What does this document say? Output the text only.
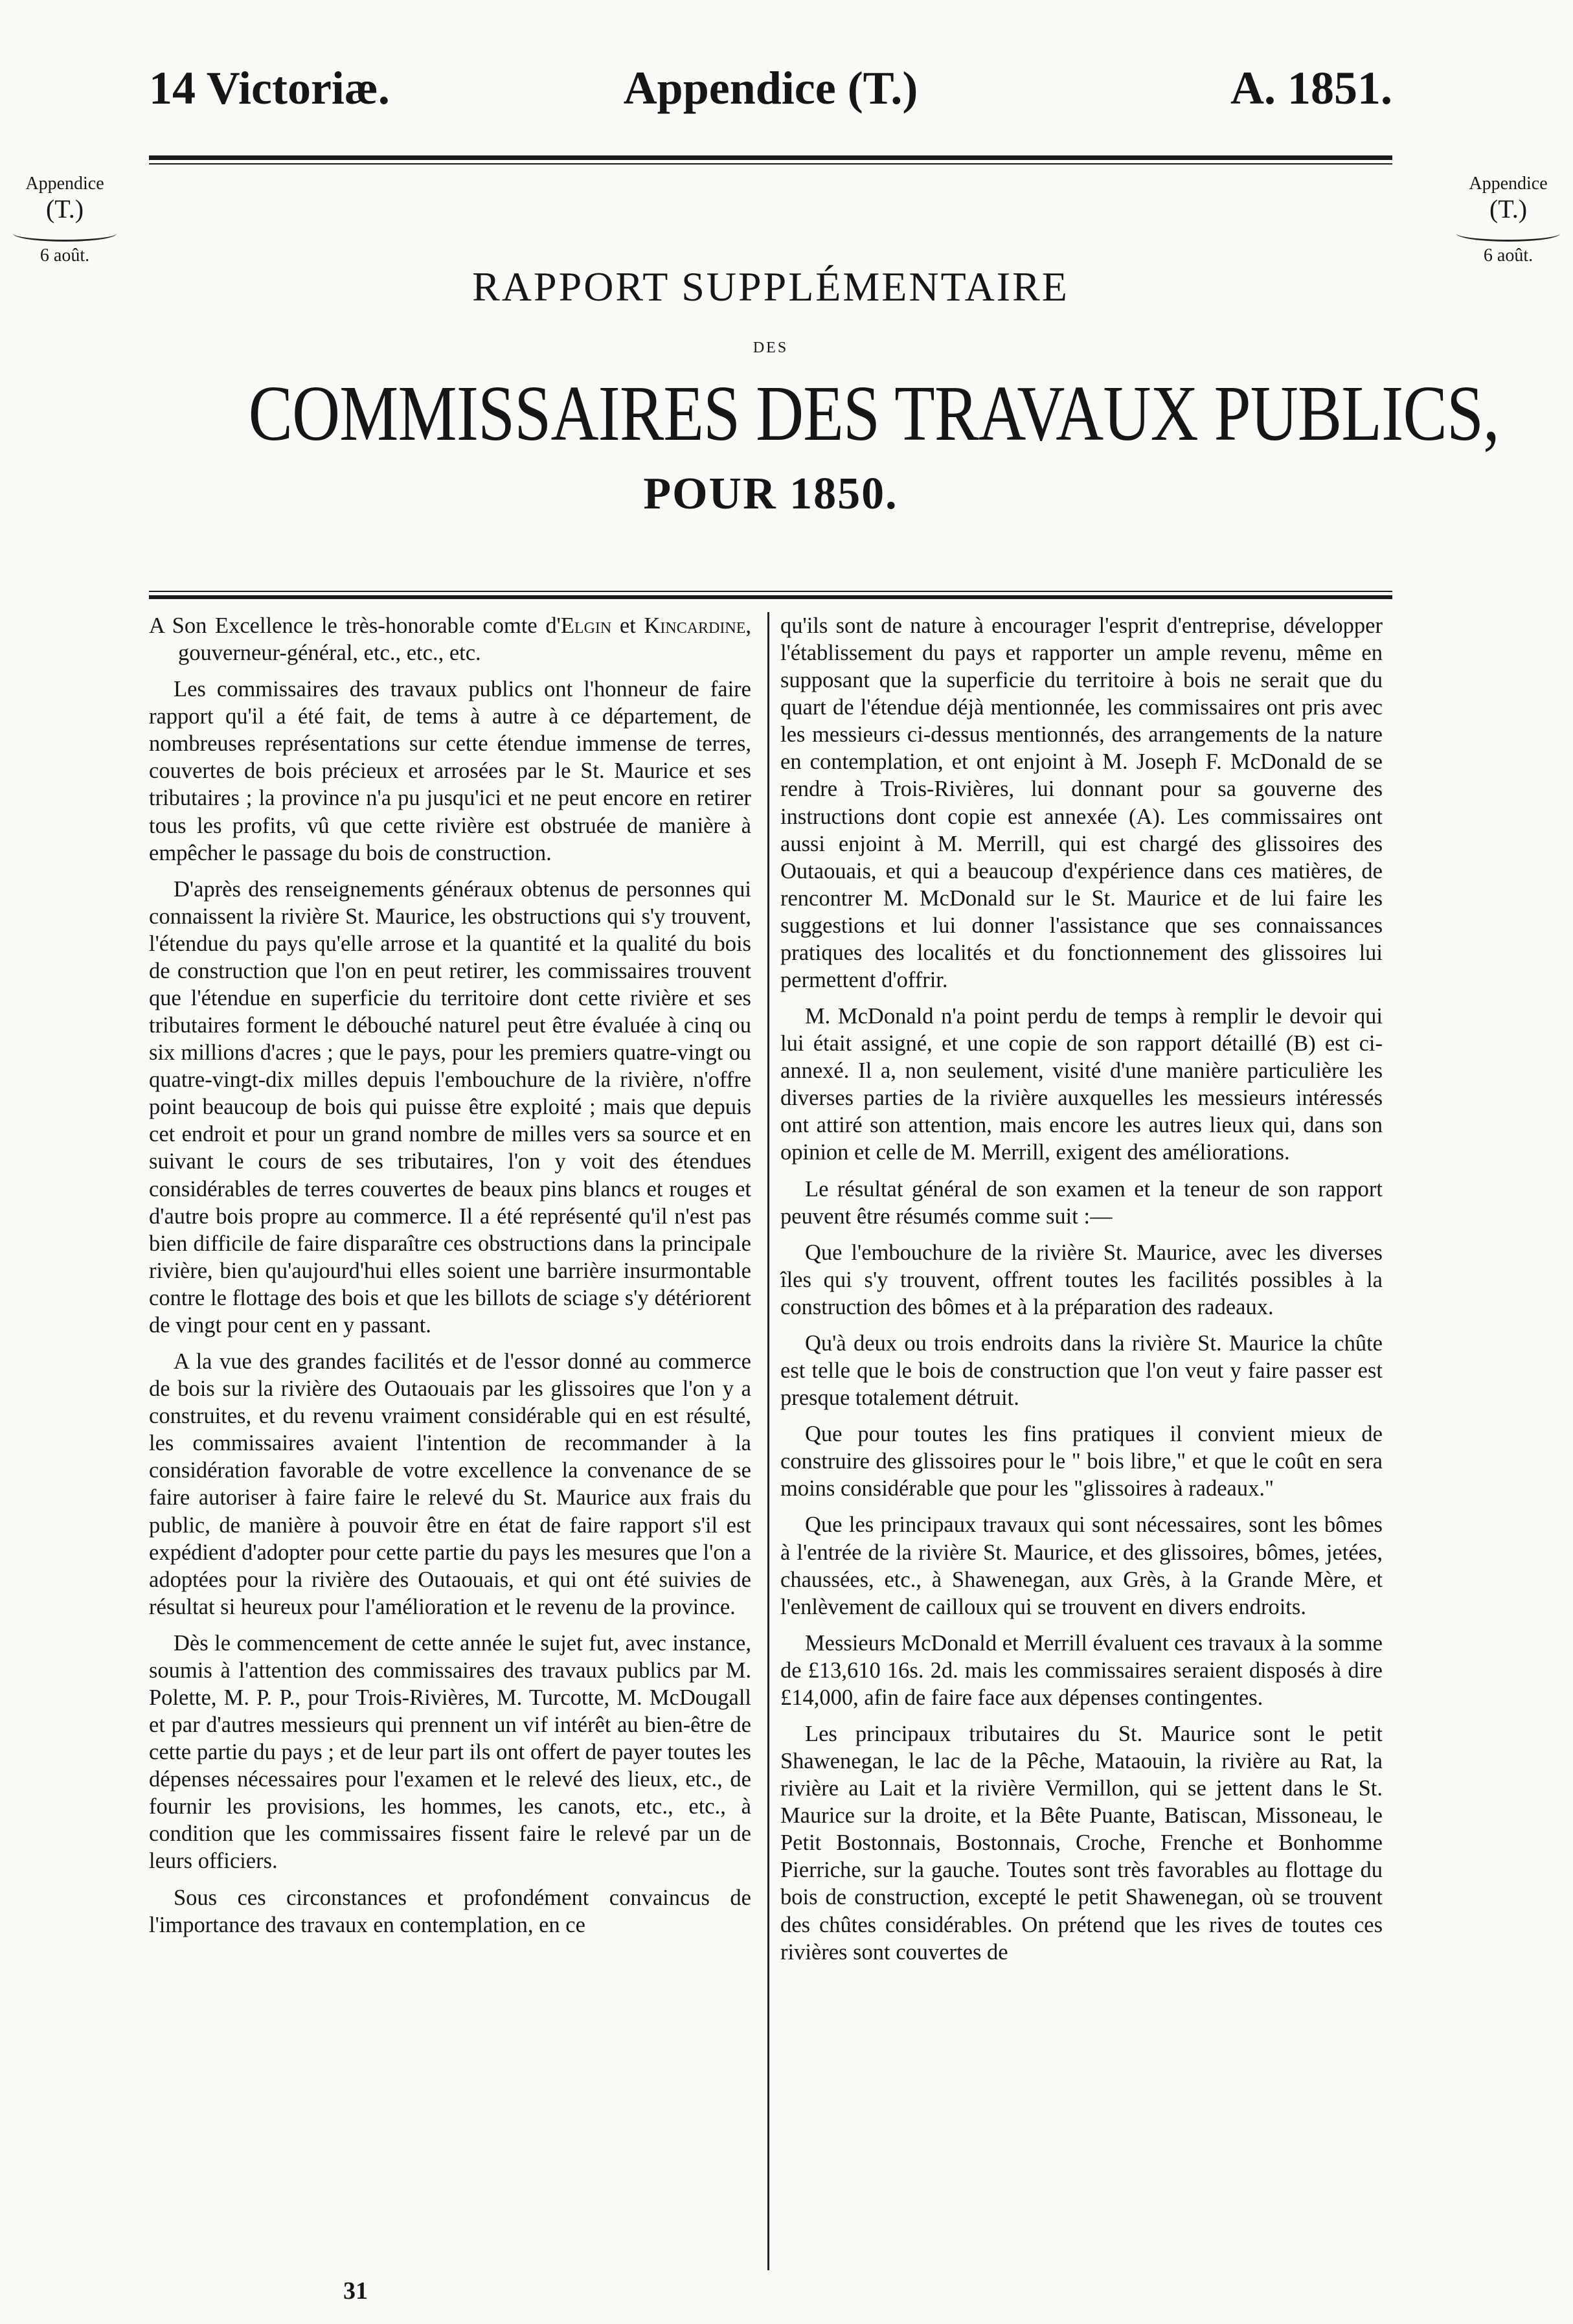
14 Victoriæ.	Appendice (T.)	A. 1851.
Appendice
(T.)
6 août.
Appendice
(T.)
6 août.
RAPPORT SUPPLÉMENTAIRE
DES
COMMISSAIRES DES TRAVAUX PUBLICS,
POUR 1850.

A Son Excellence le très-honorable comte d'Elgin et Kincardine, gouverneur-général, etc., etc., etc.

Les commissaires des travaux publics ont l'honneur de faire rapport qu'il a été fait, de tems à autre à ce département, de nombreuses représentations sur cette étendue immense de terres, couvertes de bois précieux et arrosées par le St. Maurice et ses tributaires ; la province n'a pu jusqu'ici et ne peut encore en retirer tous les profits, vû que cette rivière est obstruée de manière à empêcher le passage du bois de construction.

D'après des renseignements généraux obtenus de personnes qui connaissent la rivière St. Maurice, les obstructions qui s'y trouvent, l'étendue du pays qu'elle arrose et la quantité et la qualité du bois de construction que l'on en peut retirer, les commissaires trouvent que l'étendue en superficie du territoire dont cette rivière et ses tributaires forment le débouché naturel peut être évaluée à cinq ou six millions d'acres ; que le pays, pour les premiers quatre-vingt ou quatre-vingt-dix milles depuis l'embouchure de la rivière, n'offre point beaucoup de bois qui puisse être exploité ; mais que depuis cet endroit et pour un grand nombre de milles vers sa source et en suivant le cours de ses tributaires, l'on y voit des étendues considérables de terres couvertes de beaux pins blancs et rouges et d'autre bois propre au commerce. Il a été représenté qu'il n'est pas bien difficile de faire disparaître ces obstructions dans la principale rivière, bien qu'aujourd'hui elles soient une barrière insurmontable contre le flottage des bois et que les billots de sciage s'y détériorent de vingt pour cent en y passant.

A la vue des grandes facilités et de l'essor donné au commerce de bois sur la rivière des Outaouais par les glissoires que l'on y a construites, et du revenu vraiment considérable qui en est résulté, les commissaires avaient l'intention de recommander à la considération favorable de votre excellence la convenance de se faire autoriser à faire faire le relevé du St. Maurice aux frais du public, de manière à pouvoir être en état de faire rapport s'il est expédient d'adopter pour cette partie du pays les mesures que l'on a adoptées pour la rivière des Outaouais, et qui ont été suivies de résultat si heureux pour l'amélioration et le revenu de la province.

Dès le commencement de cette année le sujet fut, avec instance, soumis à l'attention des commissaires des travaux publics par M. Polette, M. P. P., pour Trois-Rivières, M. Turcotte, M. McDougall et par d'autres messieurs qui prennent un vif intérêt au bien-être de cette partie du pays ; et de leur part ils ont offert de payer toutes les dépenses nécessaires pour l'examen et le relevé des lieux, etc., de fournir les provisions, les hommes, les canots, etc., etc., à condition que les commissaires fissent faire le relevé par un de leurs officiers.

Sous ces circonstances et profondément convaincus de l'importance des travaux en contemplation, en ce

qu'ils sont de nature à encourager l'esprit d'entreprise, développer l'établissement du pays et rapporter un ample revenu, même en supposant que la superficie du territoire à bois ne serait que du quart de l'étendue déjà mentionnée, les commissaires ont pris avec les messieurs ci-dessus mentionnés, des arrangements de la nature en contemplation, et ont enjoint à M. Joseph F. McDonald de se rendre à Trois-Rivières, lui donnant pour sa gouverne des instructions dont copie est annexée (A). Les commissaires ont aussi enjoint à M. Merrill, qui est chargé des glissoires des Outaouais, et qui a beaucoup d'expérience dans ces matières, de rencontrer M. McDonald sur le St. Maurice et de lui faire les suggestions et lui donner l'assistance que ses connaissances pratiques des localités et du fonctionnement des glissoires lui permettent d'offrir.

M. McDonald n'a point perdu de temps à remplir le devoir qui lui était assigné, et une copie de son rapport détaillé (B) est ci-annexé. Il a, non seulement, visité d'une manière particulière les diverses parties de la rivière auxquelles les messieurs intéressés ont attiré son attention, mais encore les autres lieux qui, dans son opinion et celle de M. Merrill, exigent des améliorations.

Le résultat général de son examen et la teneur de son rapport peuvent être résumés comme suit :—

Que l'embouchure de la rivière St. Maurice, avec les diverses îles qui s'y trouvent, offrent toutes les facilités possibles à la construction des bômes et à la préparation des radeaux.

Qu'à deux ou trois endroits dans la rivière St. Maurice la chûte est telle que le bois de construction que l'on veut y faire passer est presque totalement détruit.

Que pour toutes les fins pratiques il convient mieux de construire des glissoires pour le " bois libre," et que le coût en sera moins considérable que pour les "glissoires à radeaux."

Que les principaux travaux qui sont nécessaires, sont les bômes à l'entrée de la rivière St. Maurice, et des glissoires, bômes, jetées, chaussées, etc., à Shawenegan, aux Grès, à la Grande Mère, et l'enlèvement de cailloux qui se trouvent en divers endroits.

Messieurs McDonald et Merrill évaluent ces travaux à la somme de £13,610 16s. 2d. mais les commissaires seraient disposés à dire £14,000, afin de faire face aux dépenses contingentes.

Les principaux tributaires du St. Maurice sont le petit Shawenegan, le lac de la Pêche, Mataouin, la rivière au Rat, la rivière au Lait et la rivière Vermillon, qui se jettent dans le St. Maurice sur la droite, et la Bête Puante, Batiscan, Missoneau, le Petit Bostonnais, Bostonnais, Croche, Frenche et Bonhomme Pierriche, sur la gauche. Toutes sont très favorables au flottage du bois de construction, excepté le petit Shawenegan, où se trouvent des chûtes considérables. On prétend que les rives de toutes ces rivières sont couvertes de

31
